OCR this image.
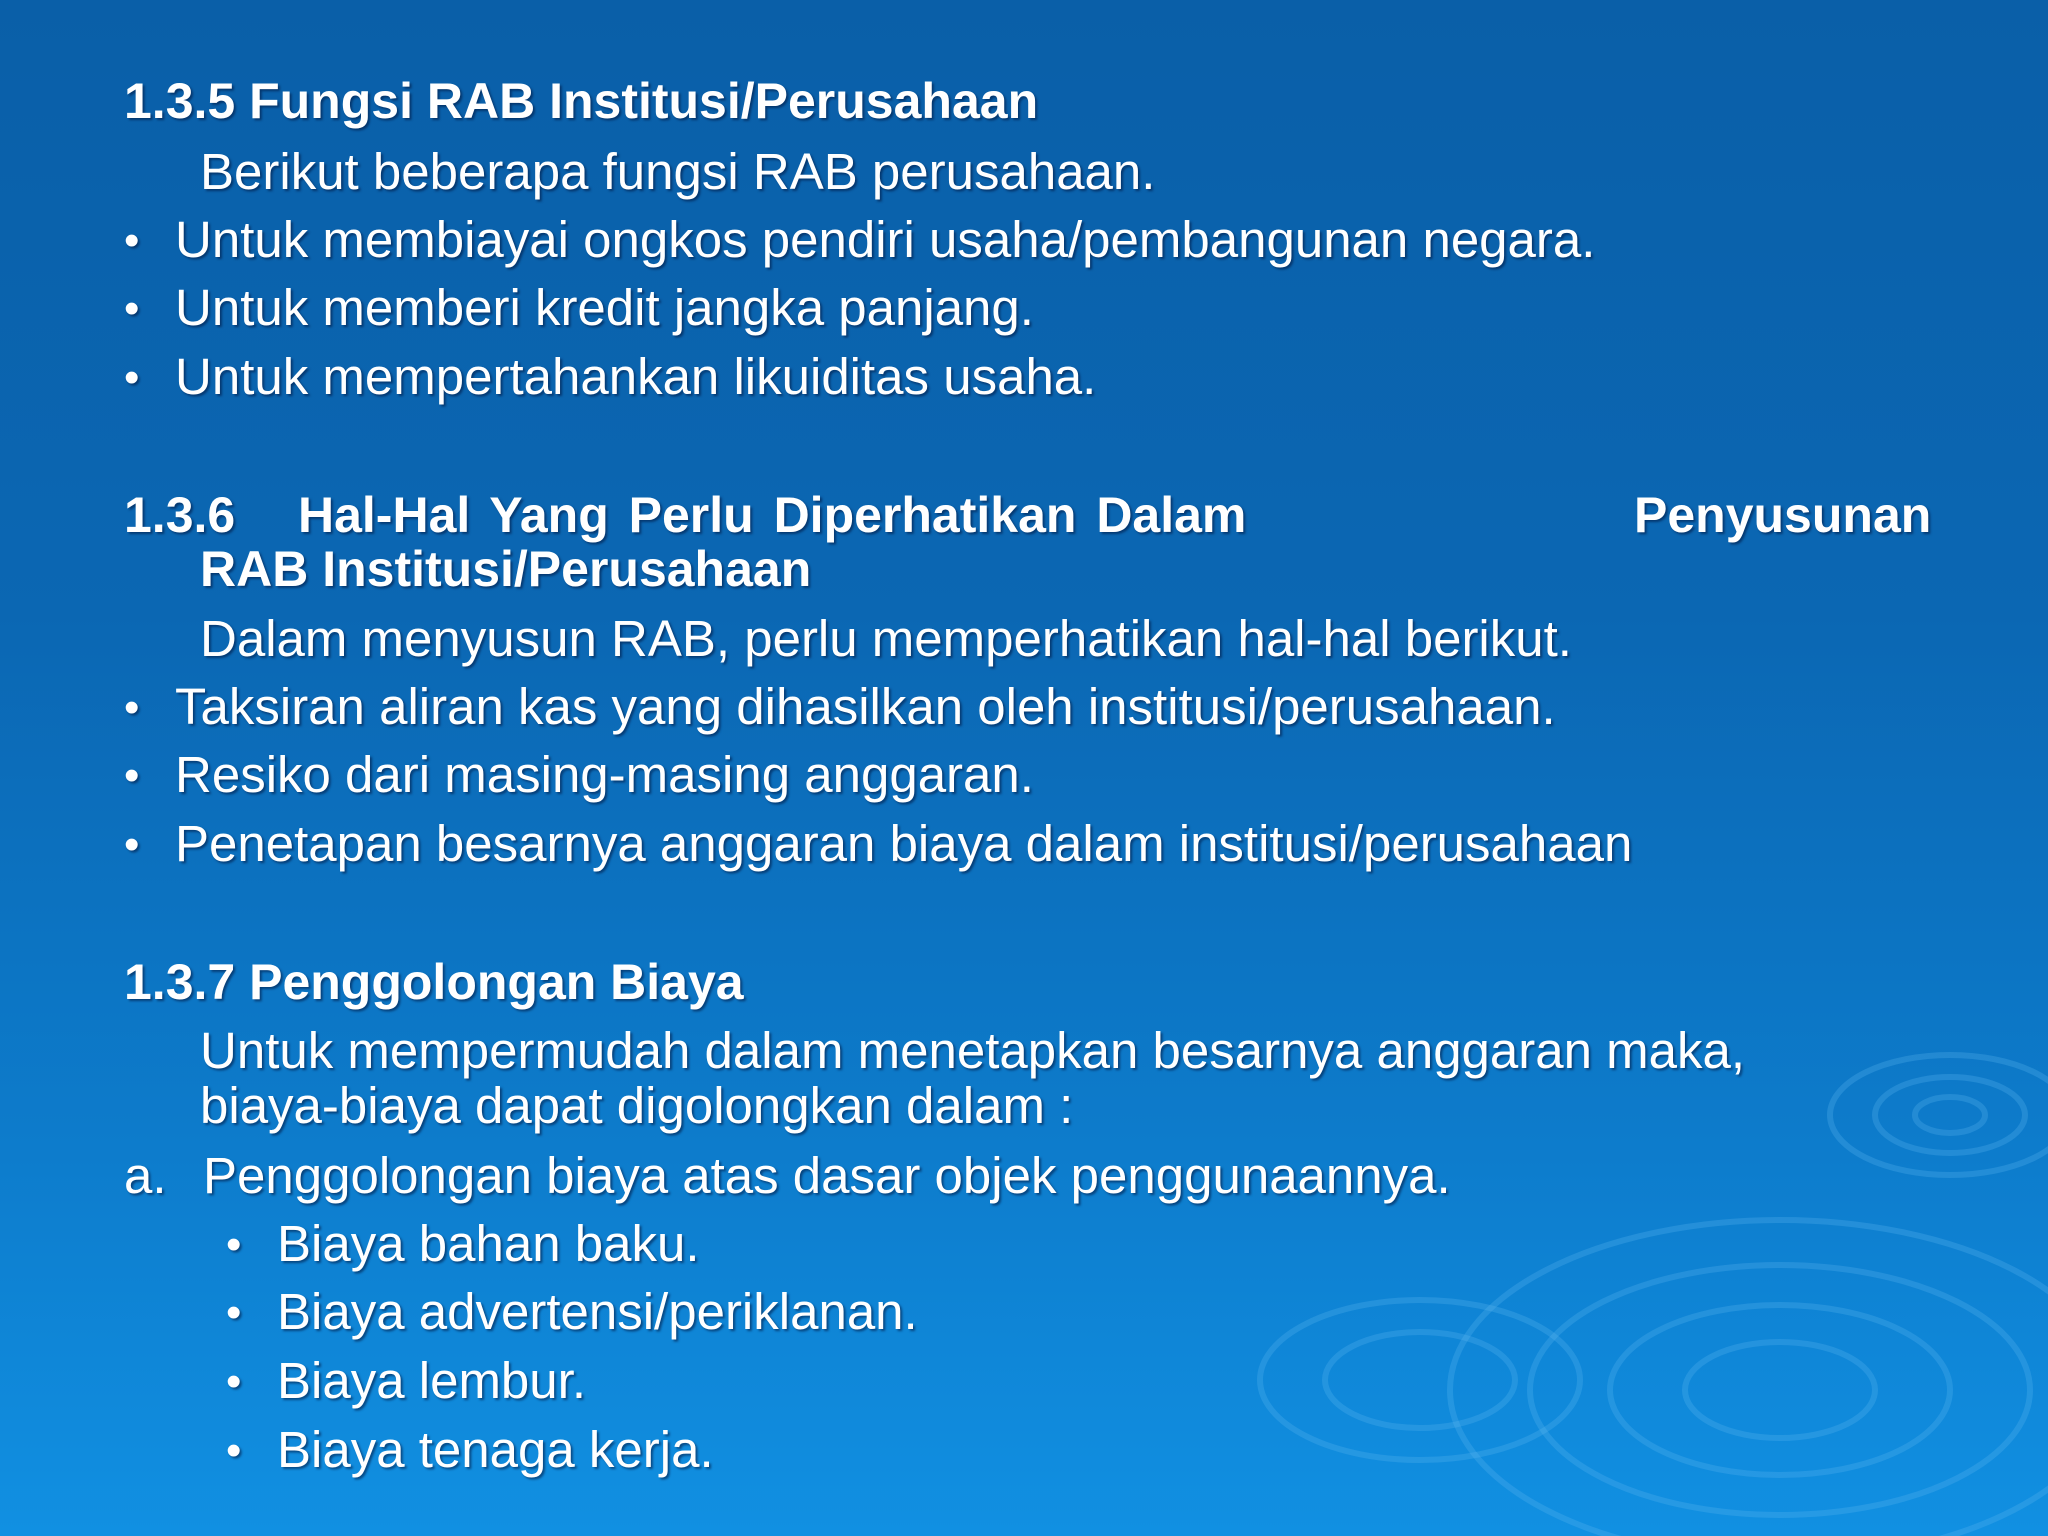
1.3.5 Fungsi RAB Institusi/Perusahaan
Berikut beberapa fungsi RAB perusahaan.
• Untuk membiayai ongkos pendiri usaha/pembangunan negara.
• Untuk memberi kredit jangka panjang.
• Untuk mempertahankan likuiditas usaha.
1.3.6 Hal-Hal Yang Perlu Diperhatikan Dalam	Penyusunan
RAB Institusi/Perusahaan
Dalam menyusun RAB, perlu memperhatikan hal-hal berikut.
• Taksiran aliran kas yang dihasilkan oleh institusi/perusahaan.
• Resiko dari masing-masing anggaran.
• Penetapan besarnya anggaran biaya dalam institusi/perusahaan
1.3.7 Penggolongan Biaya
Untuk mempermudah dalam menetapkan besarnya anggaran maka,
biaya-biaya dapat digolongkan dalam :
a. Penggolongan biaya atas dasar objek penggunaannya.
• Biaya bahan baku.
• Biaya advertensi/periklanan.
• Biaya lembur.
• Biaya tenaga kerja.
